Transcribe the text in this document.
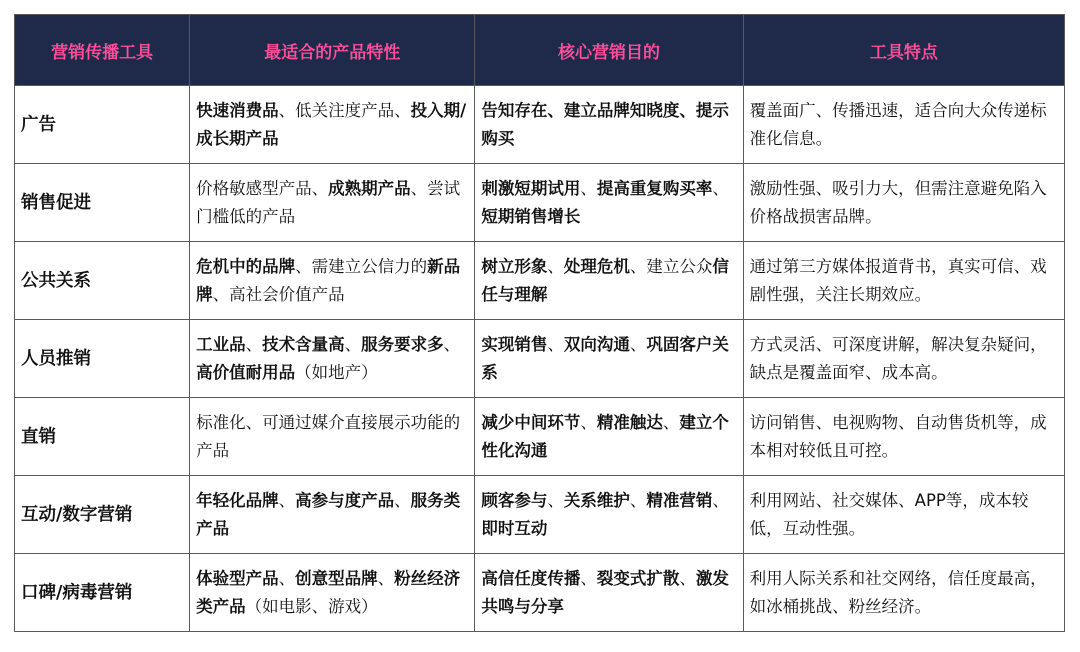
营销传播工具	最适合的产品特性	核心营销目的	工具特点
广告	快速消费品、低关注度产品、投入期/成长期产品	告知存在、建立品牌知晓度、提示购买	覆盖面广、传播迅速，适合向大众传递标准化信息。
销售促进	价格敏感型产品、成熟期产品、尝试门槛低的产品	刺激短期试用、提高重复购买率、短期销售增长	激励性强、吸引力大，但需注意避免陷入价格战损害品牌。
公共关系	危机中的品牌、需建立公信力的新品牌、高社会价值产品	树立形象、处理危机、建立公众信任与理解	通过第三方媒体报道背书，真实可信、戏剧性强，关注长期效应。
人员推销	工业品、技术含量高、服务要求多、高价值耐用品（如地产）	实现销售、双向沟通、巩固客户关系	方式灵活、可深度讲解，解决复杂疑问，缺点是覆盖面窄、成本高。
直销	标准化、可通过媒介直接展示功能的产品	减少中间环节、精准触达、建立个性化沟通	访问销售、电视购物、自动售货机等，成本相对较低且可控。
互动/数字营销	年轻化品牌、高参与度产品、服务类产品	顾客参与、关系维护、精准营销、即时互动	利用网站、社交媒体、APP等，成本较低，互动性强。
口碑/病毒营销	体验型产品、创意型品牌、粉丝经济类产品（如电影、游戏）	高信任度传播、裂变式扩散、激发共鸣与分享	利用人际关系和社交网络，信任度最高，如冰桶挑战、粉丝经济。
